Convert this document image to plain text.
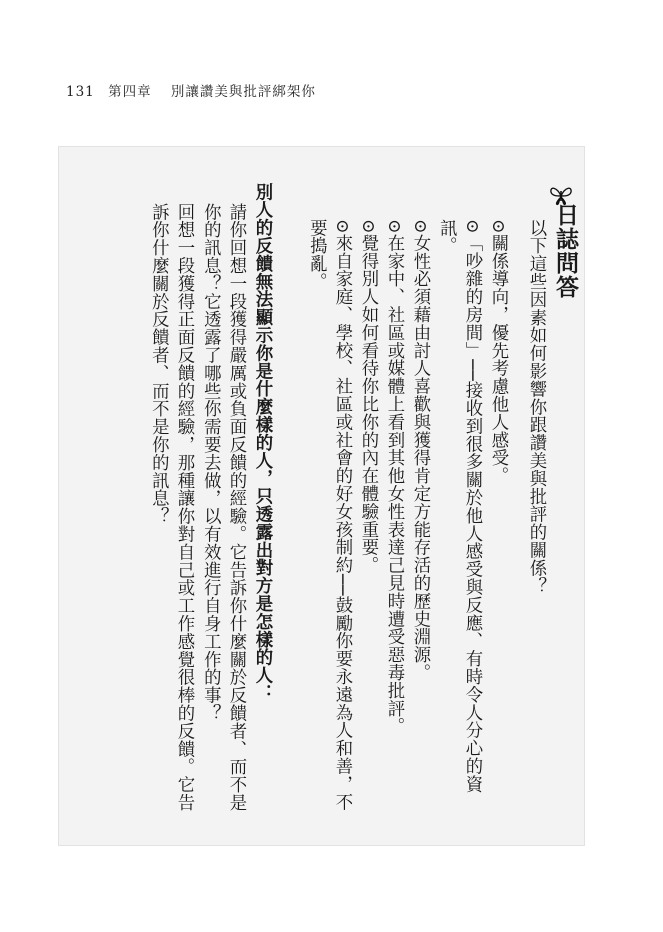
131 第四章 別讓讚美與批評綁架你
日誌問答
以下這些因素如何影響你跟讚美與批評的關係？
⊙關係導向，優先考慮他人感受。
⊙「吵雜的房間」──接收到很多關於他人感受與反應、有時令人分心的資
訊。
⊙女性必須藉由討人喜歡與獲得肯定方能存活的歷史淵源。
⊙在家中、社區或媒體上看到其他女性表達己見時遭受惡毒批評。
⊙覺得別人如何看待你比你的內在體驗重要。
⊙來自家庭、學校、社區或社會的好女孩制約──鼓勵你要永遠為人和善，不
要搗亂。
別人的反饋無法顯示你是什麼樣的人，只透露出對方是怎樣的人：
請你回想一段獲得嚴厲或負面反饋的經驗。它告訴你什麼關於反饋者、而不是
你的訊息？它透露了哪些你需要去做，以有效進行自身工作的事？
回想一段獲得正面反饋的經驗，那種讓你對自己或工作感覺很棒的反饋。它告
訴你什麼關於反饋者、而不是你的訊息？
